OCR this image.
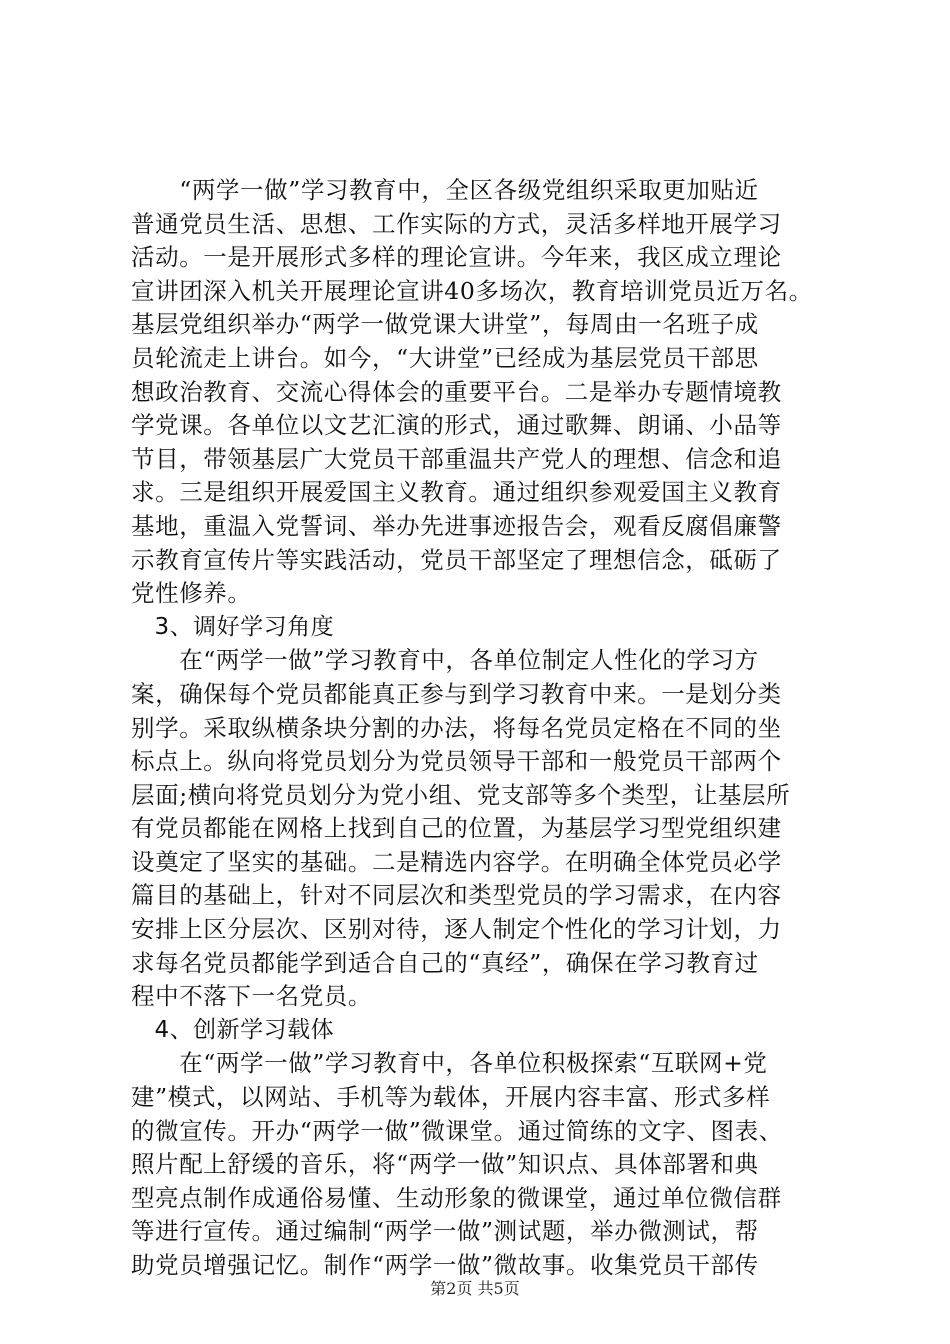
　　“两学一做”学习教育中，全区各级党组织采取更加贴近
普通党员生活、思想、工作实际的方式，灵活多样地开展学习
活动。一是开展形式多样的理论宣讲。今年来，我区成立理论
宣讲团深入机关开展理论宣讲40多场次，教育培训党员近万名。
基层党组织举办“两学一做党课大讲堂”，每周由一名班子成
员轮流走上讲台。如今，“大讲堂”已经成为基层党员干部思
想政治教育、交流心得体会的重要平台。二是举办专题情境教
学党课。各单位以文艺汇演的形式，通过歌舞、朗诵、小品等
节目，带领基层广大党员干部重温共产党人的理想、信念和追
求。三是组织开展爱国主义教育。通过组织参观爱国主义教育
基地，重温入党誓词、举办先进事迹报告会，观看反腐倡廉警
示教育宣传片等实践活动，党员干部坚定了理想信念，砥砺了
党性修养。
　3、调好学习角度
　　在“两学一做”学习教育中，各单位制定人性化的学习方
案，确保每个党员都能真正参与到学习教育中来。一是划分类
别学。采取纵横条块分割的办法，将每名党员定格在不同的坐
标点上。纵向将党员划分为党员领导干部和一般党员干部两个
层面;横向将党员划分为党小组、党支部等多个类型，让基层所
有党员都能在网格上找到自己的位置，为基层学习型党组织建
设奠定了坚实的基础。二是精选内容学。在明确全体党员必学
篇目的基础上，针对不同层次和类型党员的学习需求，在内容
安排上区分层次、区别对待，逐人制定个性化的学习计划，力
求每名党员都能学到适合自己的“真经”，确保在学习教育过
程中不落下一名党员。
　4、创新学习载体
　　在“两学一做”学习教育中，各单位积极探索“互联网+党
建”模式，以网站、手机等为载体，开展内容丰富、形式多样
的微宣传。开办“两学一做”微课堂。通过简练的文字、图表、
照片配上舒缓的音乐，将“两学一做”知识点、具体部署和典
型亮点制作成通俗易懂、生动形象的微课堂，通过单位微信群
等进行宣传。通过编制“两学一做”测试题，举办微测试，帮
助党员增强记忆。制作“两学一做”微故事。收集党员干部传
第2页 共5页
